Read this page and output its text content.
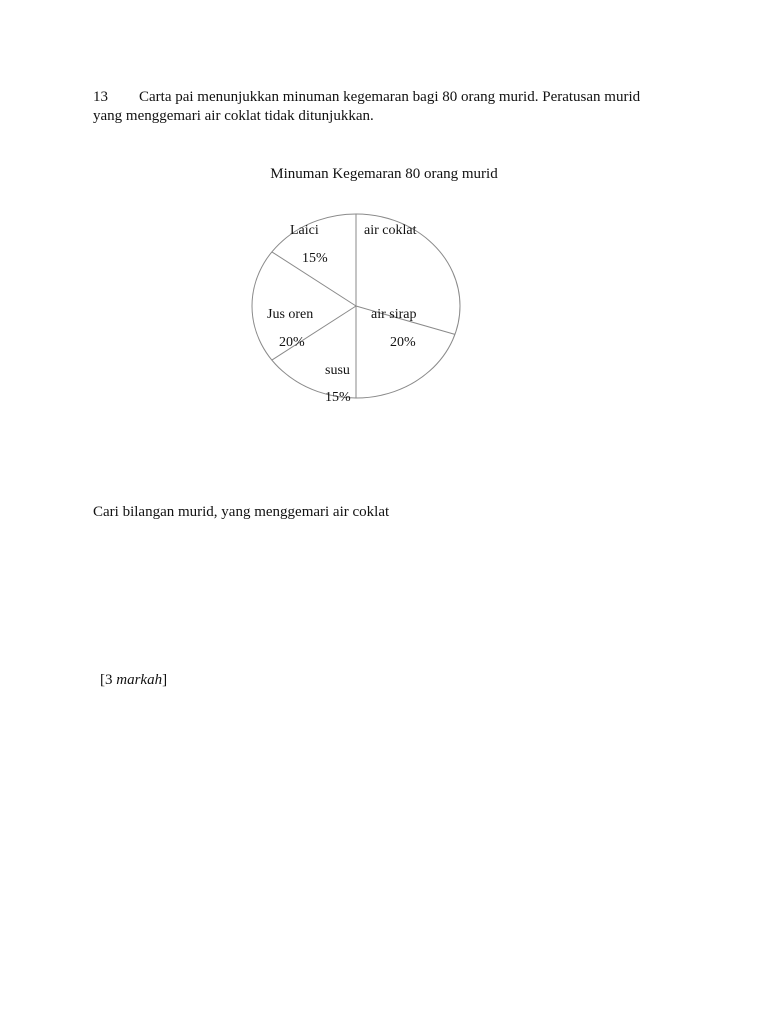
13 Carta pai menunjukkan minuman kegemaran bagi 80 orang murid. Peratusan murid
yang menggemari air coklat tidak ditunjukkan.
Minuman Kegemaran 80 orang murid
Laici
15%
air coklat
Jus oren
20%
air sirap
20%
susu
15%
Cari bilangan murid, yang menggemari air coklat
[3 markah]
